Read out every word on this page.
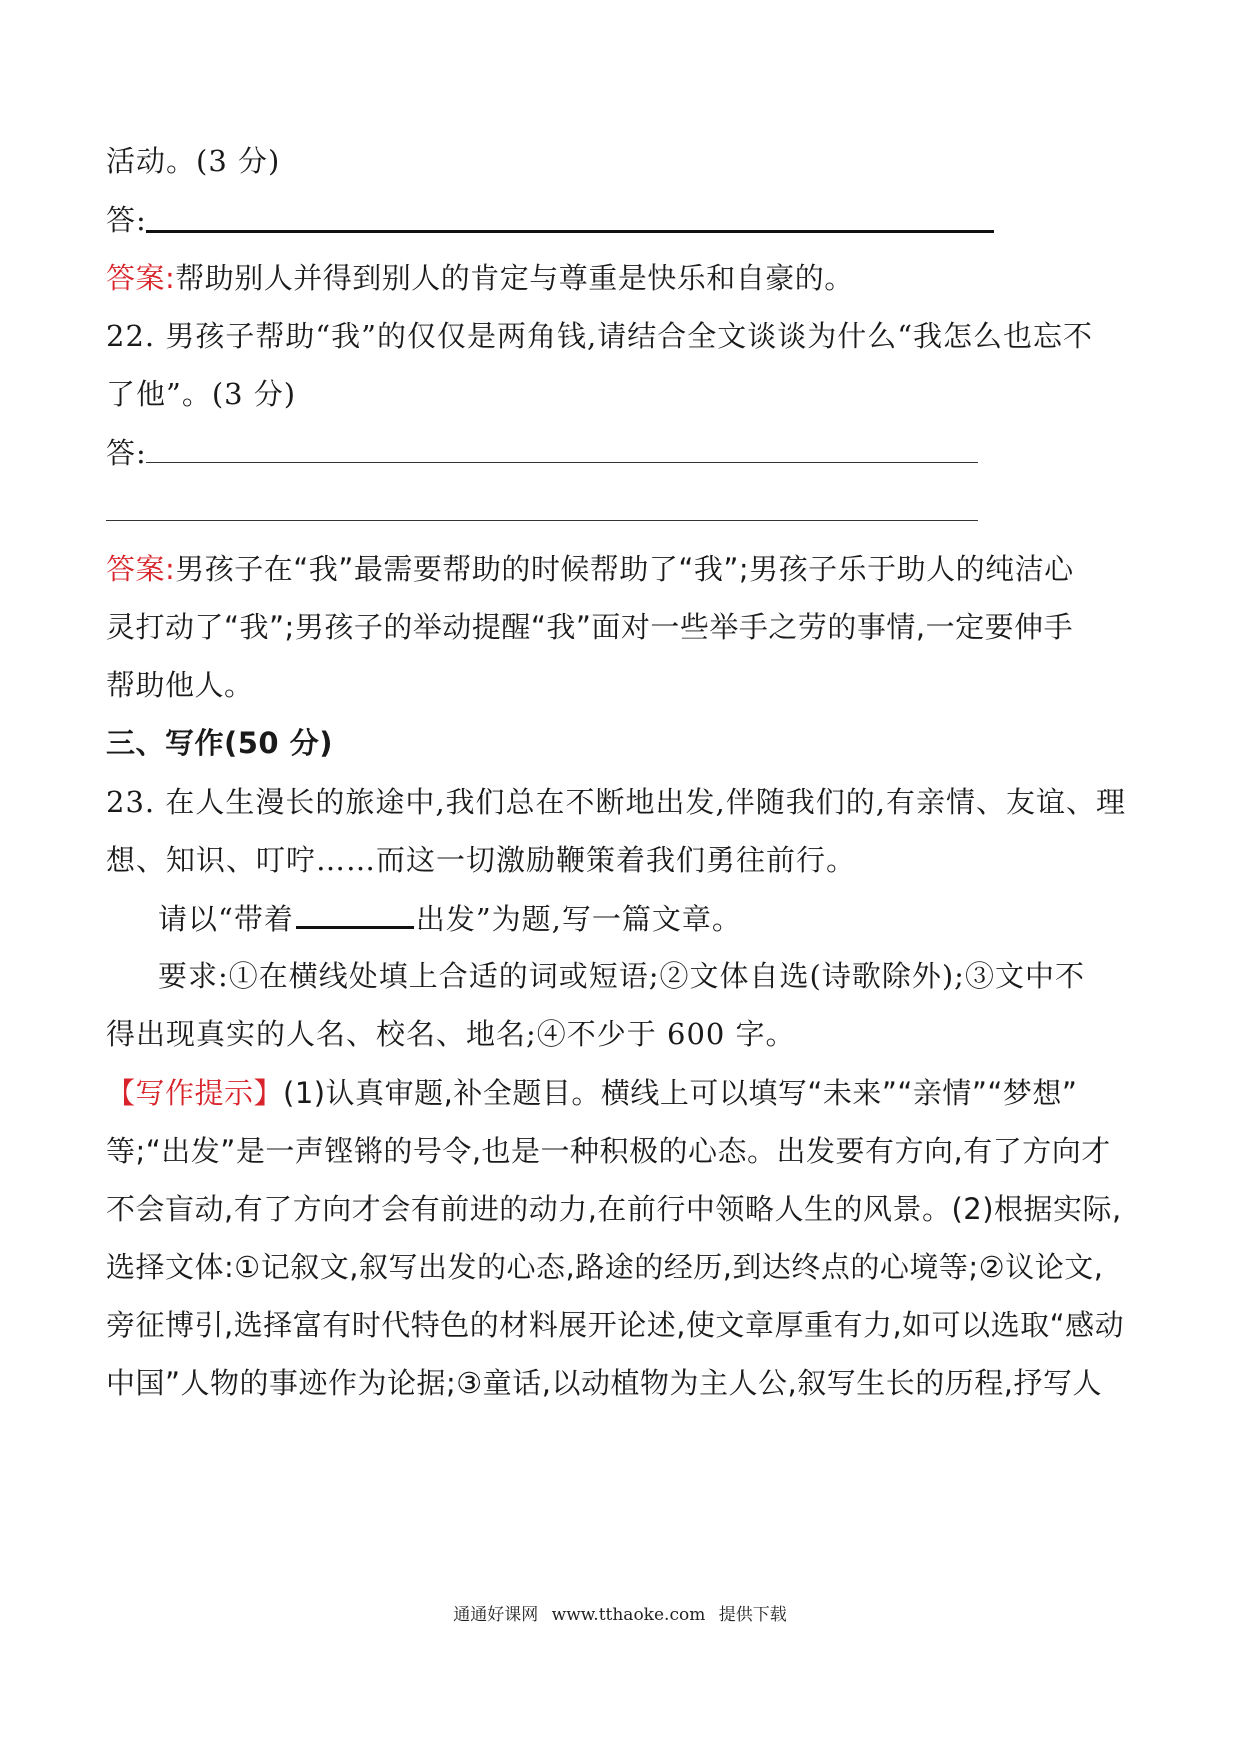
活动。(3 分)
答:
答案:帮助别人并得到别人的肯定与尊重是快乐和自豪的。
22. 男孩子帮助“我”的仅仅是两角钱,请结合全文谈谈为什么“我怎么也忘不
了他”。(3 分)
答:
答案:男孩子在“我”最需要帮助的时候帮助了“我”;男孩子乐于助人的纯洁心
灵打动了“我”;男孩子的举动提醒“我”面对一些举手之劳的事情,一定要伸手
帮助他人。
三、写作(50 分)
23. 在人生漫长的旅途中,我们总在不断地出发,伴随我们的,有亲情、友谊、理
想、知识、叮咛……而这一切激励鞭策着我们勇往前行。
请以“带着	出发”为题,写一篇文章。
要求:①在横线处填上合适的词或短语;②文体自选(诗歌除外);③文中不
得出现真实的人名、校名、地名;④不少于 600 字。
【写作提示】(1)认真审题,补全题目。横线上可以填写“未来”“亲情”“梦想”
等;“出发”是一声铿锵的号令,也是一种积极的心态。出发要有方向,有了方向才
不会盲动,有了方向才会有前进的动力,在前行中领略人生的风景。(2)根据实际,
选择文体:①记叙文,叙写出发的心态,路途的经历,到达终点的心境等;②议论文,
旁征博引,选择富有时代特色的材料展开论述,使文章厚重有力,如可以选取“感动
中国”人物的事迹作为论据;③童话,以动植物为主人公,叙写生长的历程,抒写人
通通好课网 www.tthaoke.com 提供下载
